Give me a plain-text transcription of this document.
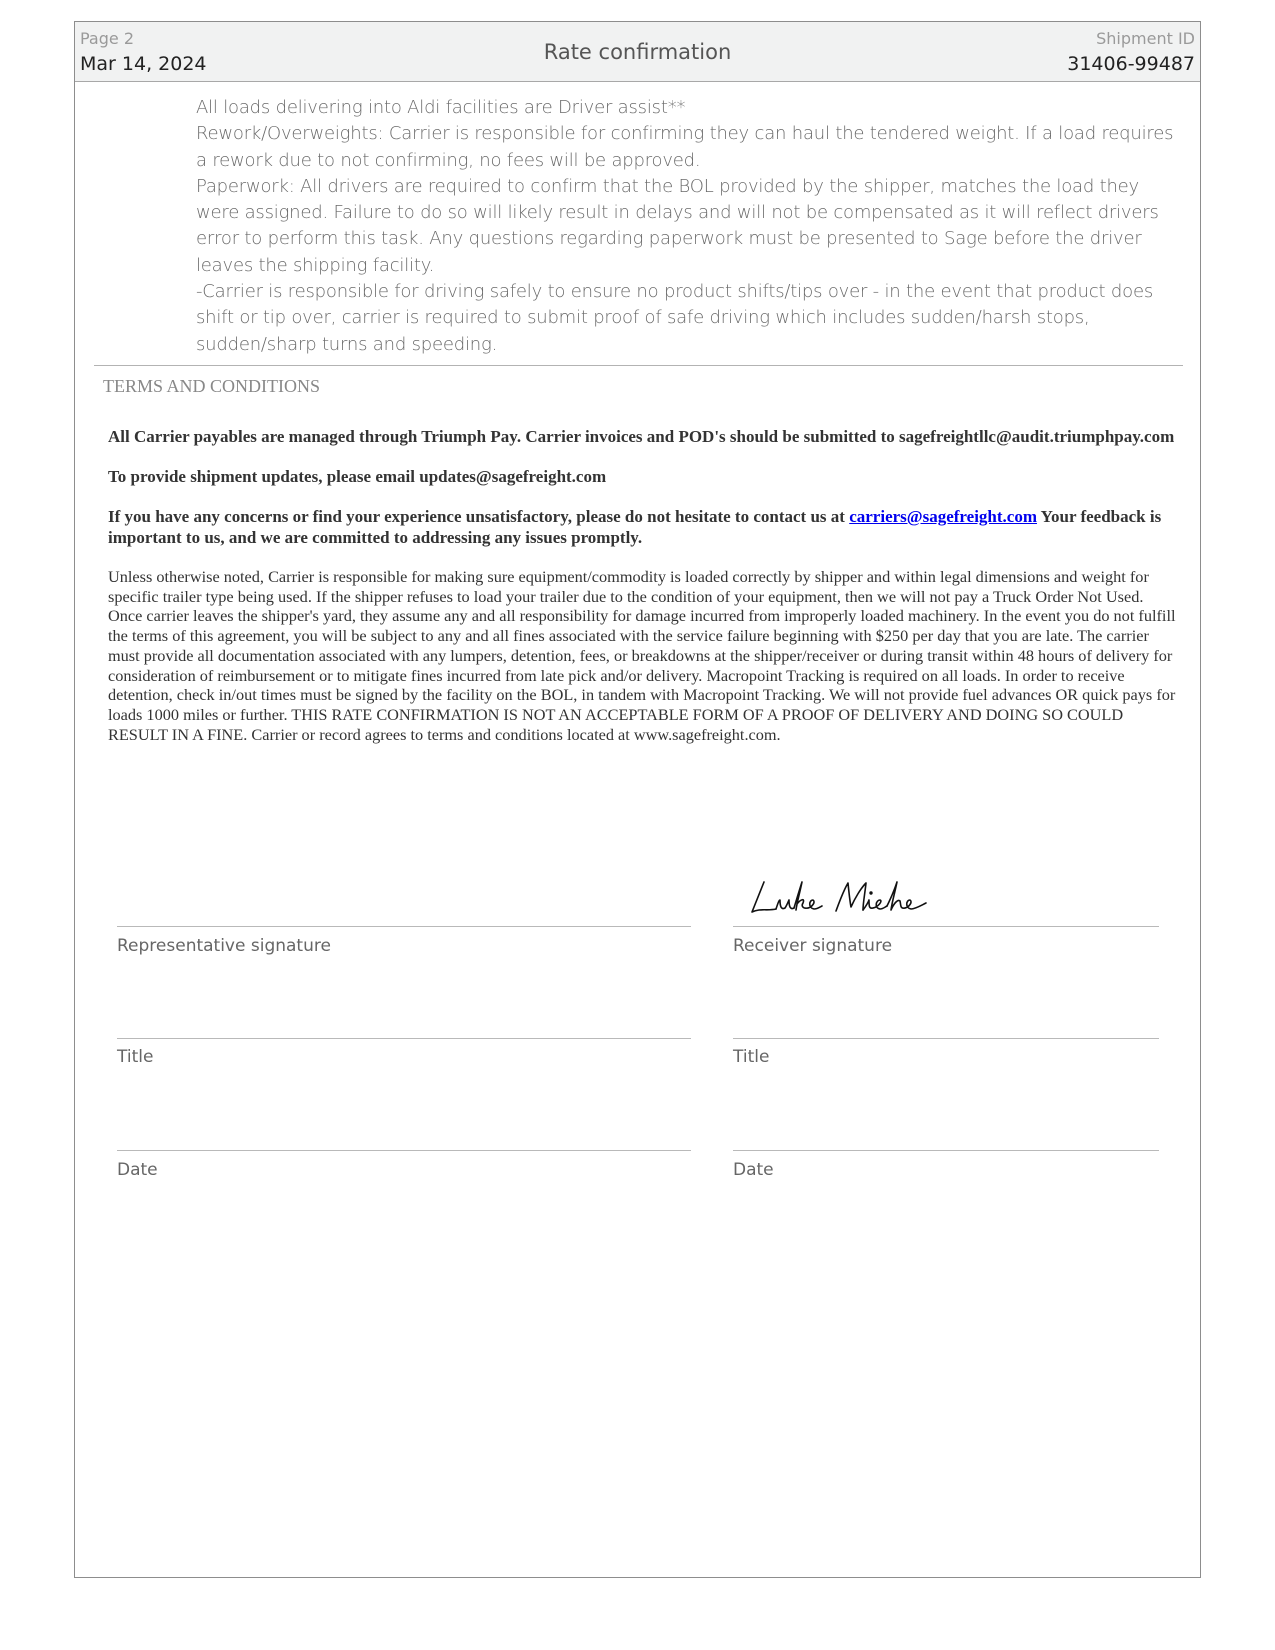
Page 2
Mar 14, 2024	Rate confirmation
Shipment ID
31406-99487

All loads delivering into Aldi facilities are Driver assist**

Rework/Overweights: Carrier is responsible for confirming they can haul the tendered weight. If a load requires a rework due to not confirming, no fees will be approved.

Paperwork: All drivers are required to confirm that the BOL provided by the shipper, matches the load they were assigned. Failure to do so will likely result in delays and will not be compensated as it will reflect drivers error to perform this task. Any questions regarding paperwork must be presented to Sage before the driver leaves the shipping facility.

-Carrier is responsible for driving safely to ensure no product shifts/tips over - in the event that product does shift or tip over, carrier is required to submit proof of safe driving which includes sudden/harsh stops, sudden/sharp turns and speeding.

TERMS AND CONDITIONS

All Carrier payables are managed through Triumph Pay. Carrier invoices and POD's should be submitted to sagefreightllc@audit.triumphpay.com

To provide shipment updates, please email updates@sagefreight.com

If you have any concerns or find your experience unsatisfactory, please do not hesitate to contact us at carriers@sagefreight.com Your feedback is important to us, and we are committed to addressing any issues promptly.

Unless otherwise noted, Carrier is responsible for making sure equipment/commodity is loaded correctly by shipper and within legal dimensions and weight for specific trailer type being used. If the shipper refuses to load your trailer due to the condition of your equipment, then we will not pay a Truck Order Not Used. Once carrier leaves the shipper's yard, they assume any and all responsibility for damage incurred from improperly loaded machinery. In the event you do not fulfill the terms of this agreement, you will be subject to any and all fines associated with the service failure beginning with $250 per day that you are late. The carrier must provide all documentation associated with any lumpers, detention, fees, or breakdowns at the shipper/receiver or during transit within 48 hours of delivery for consideration of reimbursement or to mitigate fines incurred from late pick and/or delivery. Macropoint Tracking is required on all loads. In order to receive detention, check in/out times must be signed by the facility on the BOL, in tandem with Macropoint Tracking. We will not provide fuel advances OR quick pays for loads 1000 miles or further. THIS RATE CONFIRMATION IS NOT AN ACCEPTABLE FORM OF A PROOF OF DELIVERY AND DOING SO COULD RESULT IN A FINE. Carrier or record agrees to terms and conditions located at www.sagefreight.com.

Representative signature
Title
Date
Receiver signature
Title
Date
